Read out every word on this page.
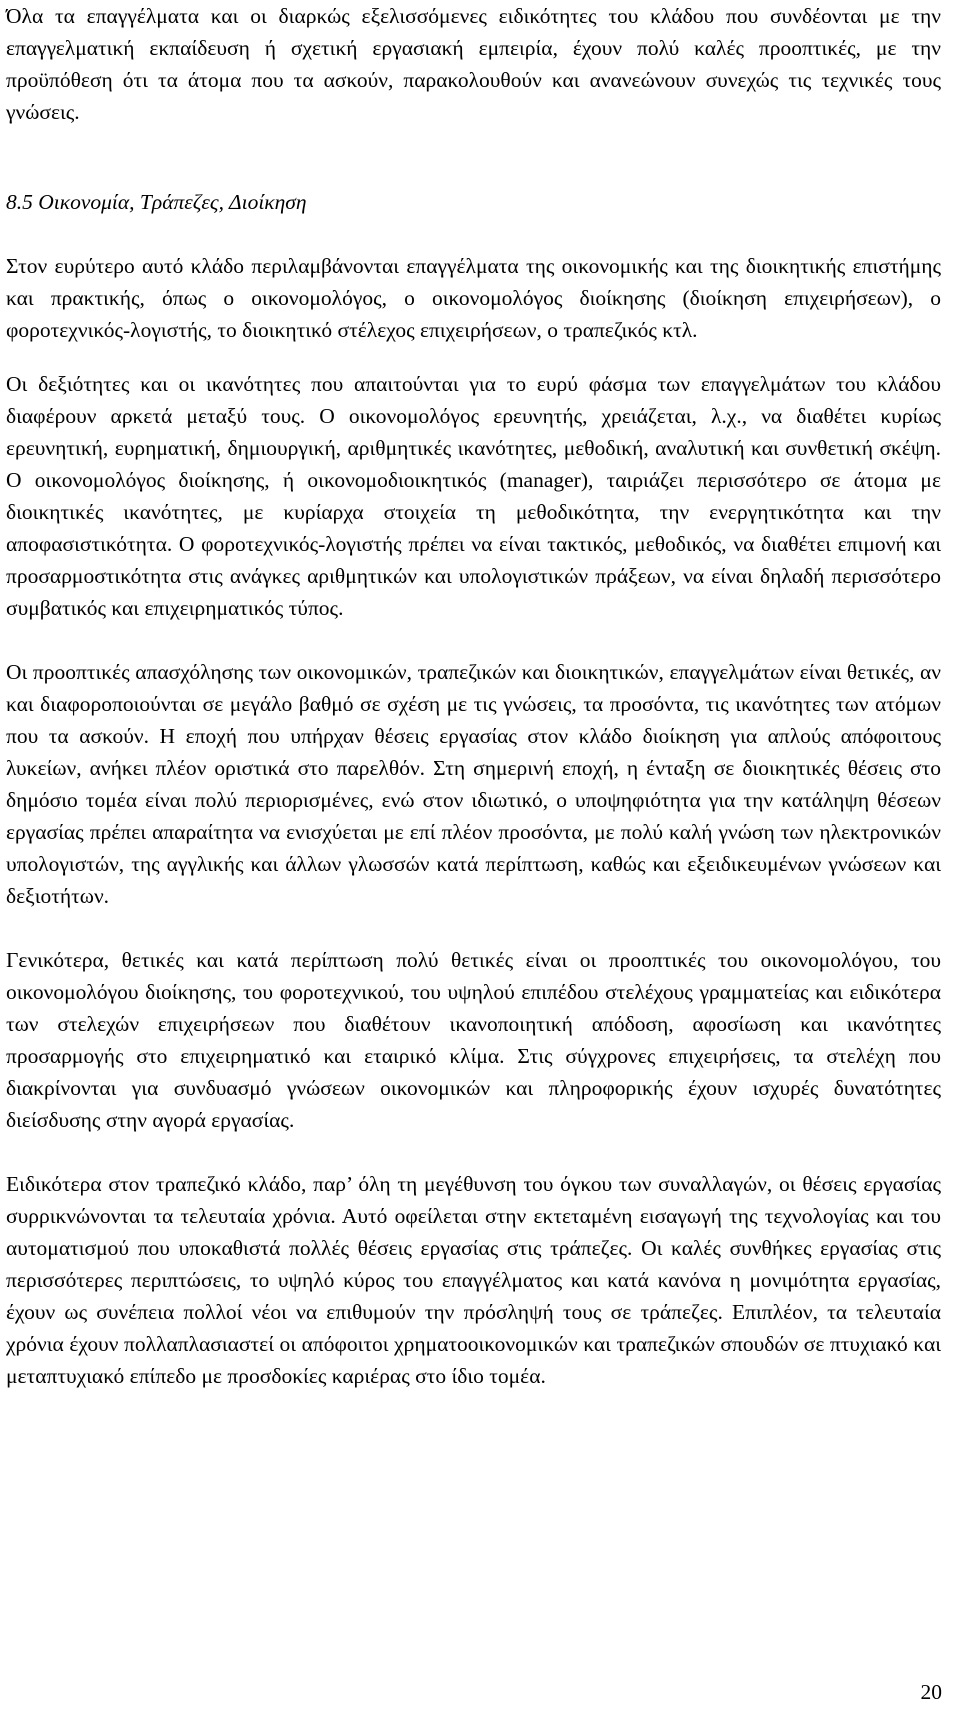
Όλα τα επαγγέλματα και οι διαρκώς εξελισσόμενες ειδικότητες του κλάδου που συνδέονται με την επαγγελματική εκπαίδευση ή σχετική εργασιακή εμπειρία, έχουν πολύ καλές προοπτικές, με την προϋπόθεση ότι τα άτομα που τα ασκούν, παρακολουθούν και ανανεώνουν συνεχώς τις τεχνικές τους γνώσεις.

8.5 Οικονομία, Τράπεζες, Διοίκηση

Στον ευρύτερο αυτό κλάδο περιλαμβάνονται επαγγέλματα της οικονομικής και της διοικητικής επιστήμης και πρακτικής, όπως ο οικονομολόγος, ο οικονομολόγος διοίκησης (διοίκηση επιχειρήσεων), ο φοροτεχνικός-λογιστής, το διοικητικό στέλεχος επιχειρήσεων, ο τραπεζικός κτλ.

Οι δεξιότητες και οι ικανότητες που απαιτούνται για το ευρύ φάσμα των επαγγελμάτων του κλάδου διαφέρουν αρκετά μεταξύ τους. Ο οικονομολόγος ερευνητής, χρειάζεται, λ.χ., να διαθέτει κυρίως ερευνητική, ευρηματική, δημιουργική, αριθμητικές ικανότητες, μεθοδική, αναλυτική και συνθετική σκέψη. Ο οικονομολόγος διοίκησης, ή οικονομοδιοικητικός (manager), ταιριάζει περισσότερο σε άτομα με διοικητικές ικανότητες, με κυρίαρχα στοιχεία τη μεθοδικότητα, την ενεργητικότητα και την αποφασιστικότητα. Ο φοροτεχνικός-λογιστής πρέπει να είναι τακτικός, μεθοδικός, να διαθέτει επιμονή και προσαρμοστικότητα στις ανάγκες αριθμητικών και υπολογιστικών πράξεων, να είναι δηλαδή περισσότερο συμβατικός και επιχειρηματικός τύπος.

Οι προοπτικές απασχόλησης των οικονομικών, τραπεζικών και διοικητικών, επαγγελμάτων είναι θετικές, αν και διαφοροποιούνται σε μεγάλο βαθμό σε σχέση με τις γνώσεις, τα προσόντα, τις ικανότητες των ατόμων που τα ασκούν. Η εποχή που υπήρχαν θέσεις εργασίας στον κλάδο διοίκηση για απλούς απόφοιτους λυκείων, ανήκει πλέον οριστικά στο παρελθόν. Στη σημερινή εποχή, η ένταξη σε διοικητικές θέσεις στο δημόσιο τομέα είναι πολύ περιορισμένες, ενώ στον ιδιωτικό, ο υποψηφιότητα για την κατάληψη θέσεων εργασίας πρέπει απαραίτητα να ενισχύεται με επί πλέον προσόντα, με πολύ καλή γνώση των ηλεκτρονικών υπολογιστών, της αγγλικής και άλλων γλωσσών κατά περίπτωση, καθώς και εξειδικευμένων γνώσεων και δεξιοτήτων.

Γενικότερα, θετικές και κατά περίπτωση πολύ θετικές είναι οι προοπτικές του οικονομολόγου, του οικονομολόγου διοίκησης, του φοροτεχνικού, του υψηλού επιπέδου στελέχους γραμματείας και ειδικότερα των στελεχών επιχειρήσεων που διαθέτουν ικανοποιητική απόδοση, αφοσίωση και ικανότητες προσαρμογής στο επιχειρηματικό και εταιρικό κλίμα. Στις σύγχρονες επιχειρήσεις, τα στελέχη που διακρίνονται για συνδυασμό γνώσεων οικονομικών και πληροφορικής έχουν ισχυρές δυνατότητες διείσδυσης στην αγορά εργασίας.

Ειδικότερα στον τραπεζικό κλάδο, παρ’ όλη τη μεγέθυνση του όγκου των συναλλαγών, οι θέσεις εργασίας συρρικνώνονται τα τελευταία χρόνια. Αυτό οφείλεται στην εκτεταμένη εισαγωγή της τεχνολογίας και του αυτοματισμού που υποκαθιστά πολλές θέσεις εργασίας στις τράπεζες. Οι καλές συνθήκες εργασίας στις περισσότερες περιπτώσεις, το υψηλό κύρος του επαγγέλματος και κατά κανόνα η μονιμότητα εργασίας, έχουν ως συνέπεια πολλοί νέοι να επιθυμούν την πρόσληψή τους σε τράπεζες. Επιπλέον, τα τελευταία χρόνια έχουν πολλαπλασιαστεί οι απόφοιτοι χρηματοοικονομικών και τραπεζικών σπουδών σε πτυχιακό και μεταπτυχιακό επίπεδο με προσδοκίες καριέρας στο ίδιο τομέα.

20
